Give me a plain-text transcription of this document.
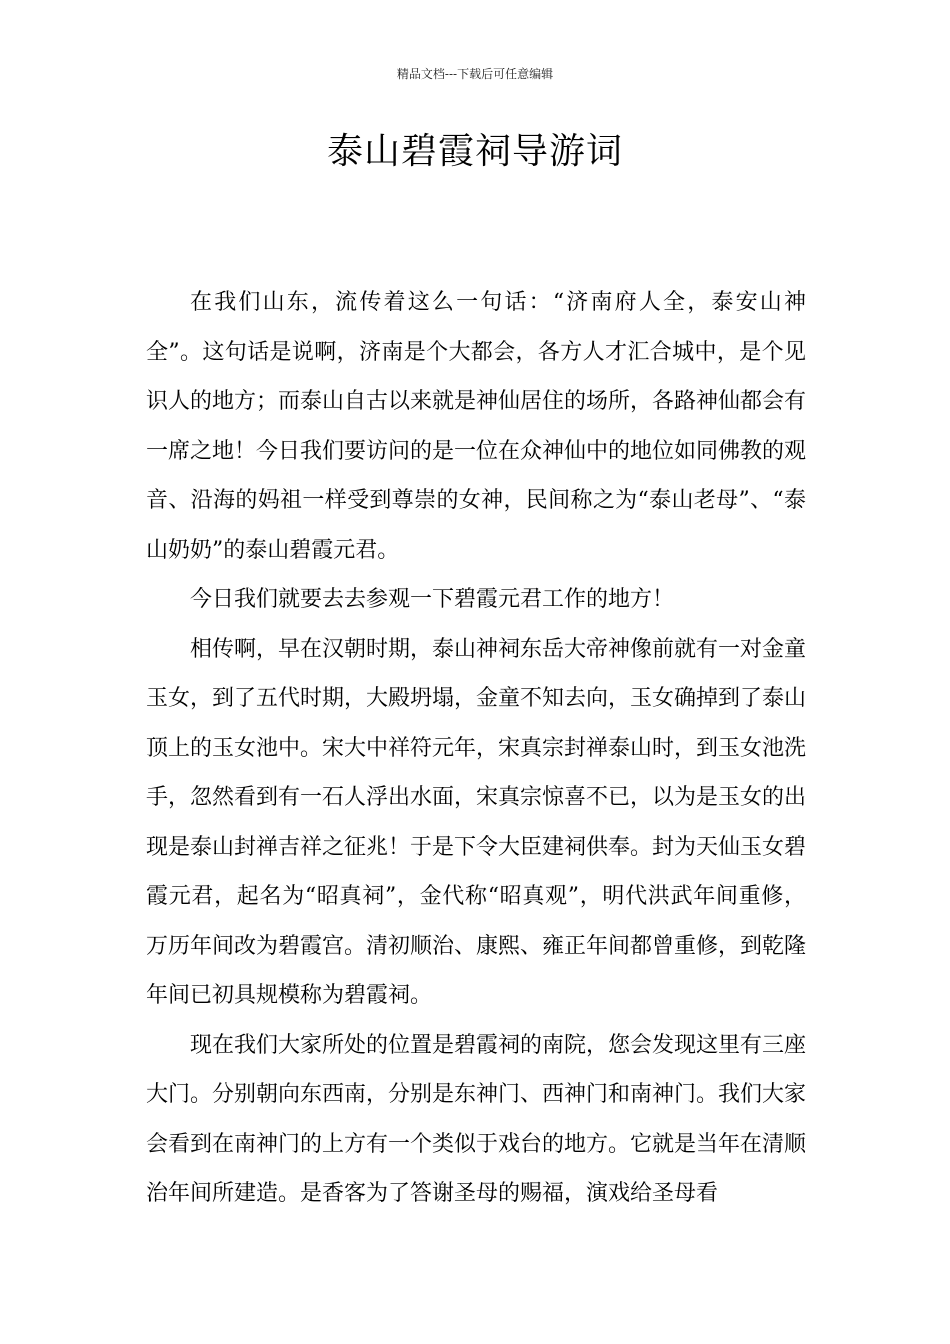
精品文档---下载后可任意编辑
泰山碧霞祠导游词

在我们山东，流传着这么一句话：“济南府人全，泰安山神全”。这句话是说啊，济南是个大都会，各方人才汇合城中，是个见识人的地方；而泰山自古以来就是神仙居住的场所，各路神仙都会有一席之地！今日我们要访问的是一位在众神仙中的地位如同佛教的观音、沿海的妈祖一样受到尊崇的女神，民间称之为“泰山老母”、“泰山奶奶”的泰山碧霞元君。

今日我们就要去去参观一下碧霞元君工作的地方！

相传啊，早在汉朝时期，泰山神祠东岳大帝神像前就有一对金童玉女，到了五代时期，大殿坍塌，金童不知去向，玉女确掉到了泰山顶上的玉女池中。宋大中祥符元年，宋真宗封禅泰山时，到玉女池洗手，忽然看到有一石人浮出水面，宋真宗惊喜不已，以为是玉女的出现是泰山封禅吉祥之征兆！于是下令大臣建祠供奉。封为天仙玉女碧霞元君，起名为“昭真祠”，金代称“昭真观”，明代洪武年间重修，万历年间改为碧霞宫。清初顺治、康熙、雍正年间都曾重修，到乾隆年间已初具规模称为碧霞祠。

现在我们大家所处的位置是碧霞祠的南院，您会发现这里有三座大门。分别朝向东西南，分别是东神门、西神门和南神门。我们大家会看到在南神门的上方有一个类似于戏台的地方。它就是当年在清顺治年间所建造。是香客为了答谢圣母的赐福，演戏给圣母看
